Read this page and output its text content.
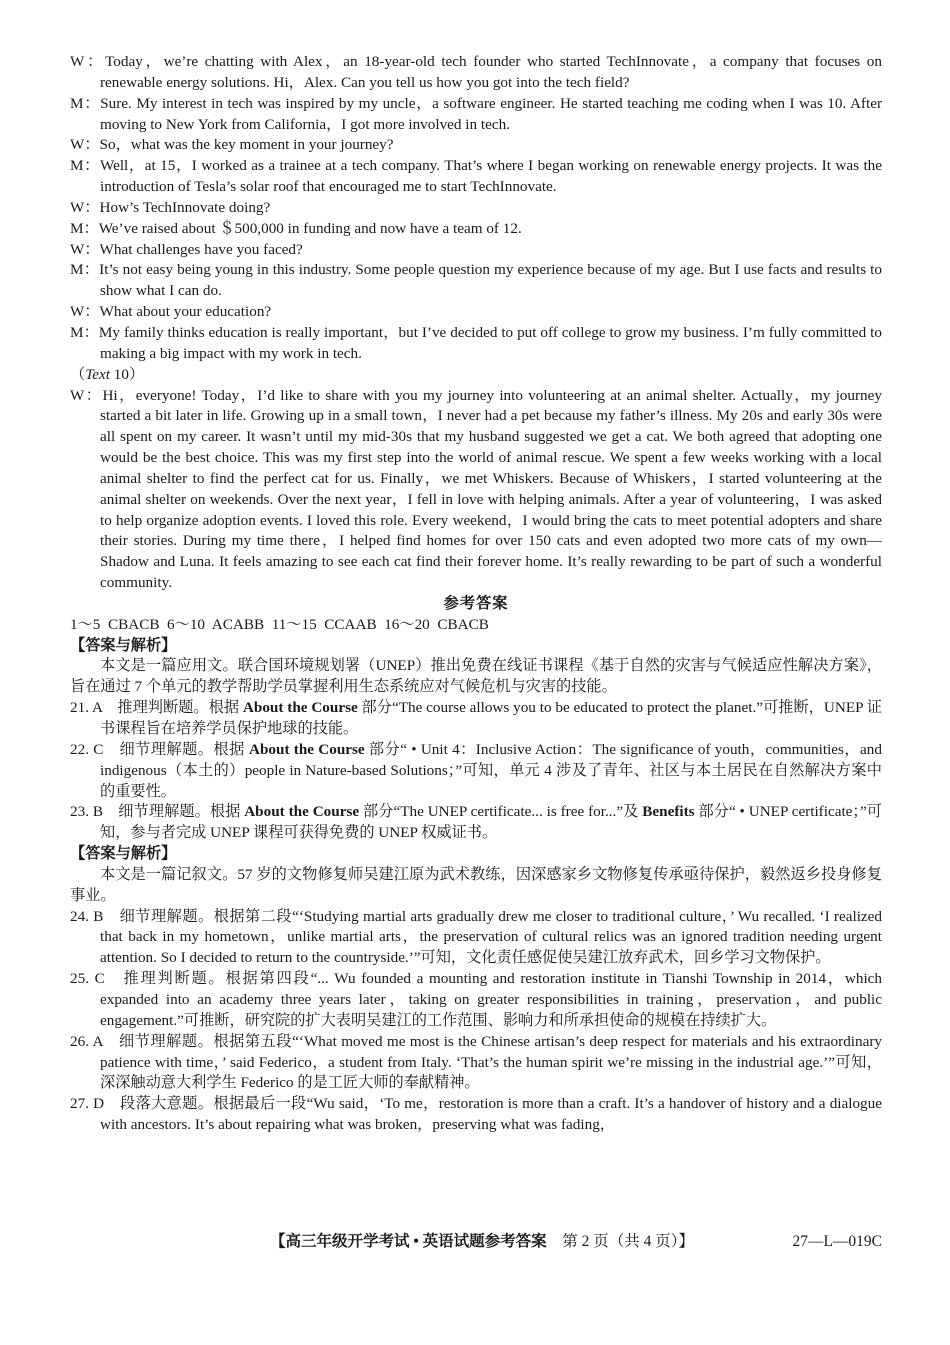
W：Today，we’re chatting with Alex，an 18-year-old tech founder who started TechInnovate，a company that focuses on renewable energy solutions. Hi，Alex. Can you tell us how you got into the tech field?
M：Sure. My interest in tech was inspired by my uncle，a software engineer. He started teaching me coding when I was 10. After moving to New York from California，I got more involved in tech.
W：So，what was the key moment in your journey?
M：Well，at 15，I worked as a trainee at a tech company. That’s where I began working on renewable energy projects. It was the introduction of Tesla’s solar roof that encouraged me to start TechInnovate.
W：How’s TechInnovate doing?
M：We’ve raised about ＄500,000 in funding and now have a team of 12.
W：What challenges have you faced?
M：It’s not easy being young in this industry. Some people question my experience because of my age. But I use facts and results to show what I can do.
W：What about your education?
M：My family thinks education is really important，but I’ve decided to put off college to grow my business. I’m fully committed to making a big impact with my work in tech.
（Text 10）
W：Hi，everyone! Today，I’d like to share with you my journey into volunteering at an animal shelter. Actually，my journey started a bit later in life. Growing up in a small town，I never had a pet because my father’s illness. My 20s and early 30s were all spent on my career. It wasn’t until my mid-30s that my husband suggested we get a cat. We both agreed that adopting one would be the best choice. This was my first step into the world of animal rescue. We spent a few weeks working with a local animal shelter to find the perfect cat for us. Finally，we met Whiskers. Because of Whiskers，I started volunteering at the animal shelter on weekends. Over the next year，I fell in love with helping animals. After a year of volunteering，I was asked to help organize adoption events. I loved this role. Every weekend，I would bring the cats to meet potential adopters and share their stories. During my time there，I helped find homes for over 150 cats and even adopted two more cats of my own—Shadow and Luna. It feels amazing to see each cat find their forever home. It’s really rewarding to be part of such a wonderful community.
参考答案
1～5  CBACB  6～10  ACABB  11～15  CCAAB  16～20  CBACB
【答案与解析】
本文是一篇应用文。联合国环境规划署（UNEP）推出免费在线证书课程《基于自然的灾害与气候适应性解决方案》，旨在通过 7 个单元的教学帮助学员掌握利用生态系统应对气候危机与灾害的技能。
21. A　推理判断题。根据 About the Course 部分“The course allows you to be educated to protect the planet.”可推断，UNEP 证书课程旨在培养学员保护地球的技能。
22. C　细节理解题。根据 About the Course 部分“ • Unit 4：Inclusive Action：The significance of youth，communities，and indigenous（本土的）people in Nature-based Solutions；”可知，单元 4 涉及了青年、社区与本土居民在自然解决方案中的重要性。
23. B　细节理解题。根据 About the Course 部分“The UNEP certificate... is free for...”及 Benefits 部分“ • UNEP certificate；”可知，参与者完成 UNEP 课程可获得免费的 UNEP 权威证书。
【答案与解析】
本文是一篇记叙文。57 岁的文物修复师吴建江原为武术教练，因深感家乡文物修复传承亟待保护，毅然返乡投身修复事业。
24. B　细节理解题。根据第二段“‘Studying martial arts gradually drew me closer to traditional culture，’ Wu recalled. ‘I realized that back in my hometown，unlike martial arts，the preservation of cultural relics was an ignored tradition needing urgent attention. So I decided to return to the countryside.’”可知，文化责任感促使吴建江放弃武术，回乡学习文物保护。
25. C　推理判断题。根据第四段“... Wu founded a mounting and restoration institute in Tianshi Township in 2014，which expanded into an academy three years later，taking on greater responsibilities in training，preservation，and public engagement.”可推断，研究院的扩大表明吴建江的工作范围、影响力和所承担使命的规模在持续扩大。
26. A　细节理解题。根据第五段“‘What moved me most is the Chinese artisan’s deep respect for materials and his extraordinary patience with time，’ said Federico，a student from Italy. ‘That’s the human spirit we’re missing in the industrial age.’”可知，深深触动意大利学生 Federico 的是工匠大师的奉献精神。
27. D　段落大意题。根据最后一段“Wu said，‘To me，restoration is more than a craft. It’s a handover of history and a dialogue with ancestors. It’s about repairing what was broken，preserving what was fading，
【高三年级开学考试 • 英语试题参考答案　 第 2 页（共 4 页）】	27—L—019C
